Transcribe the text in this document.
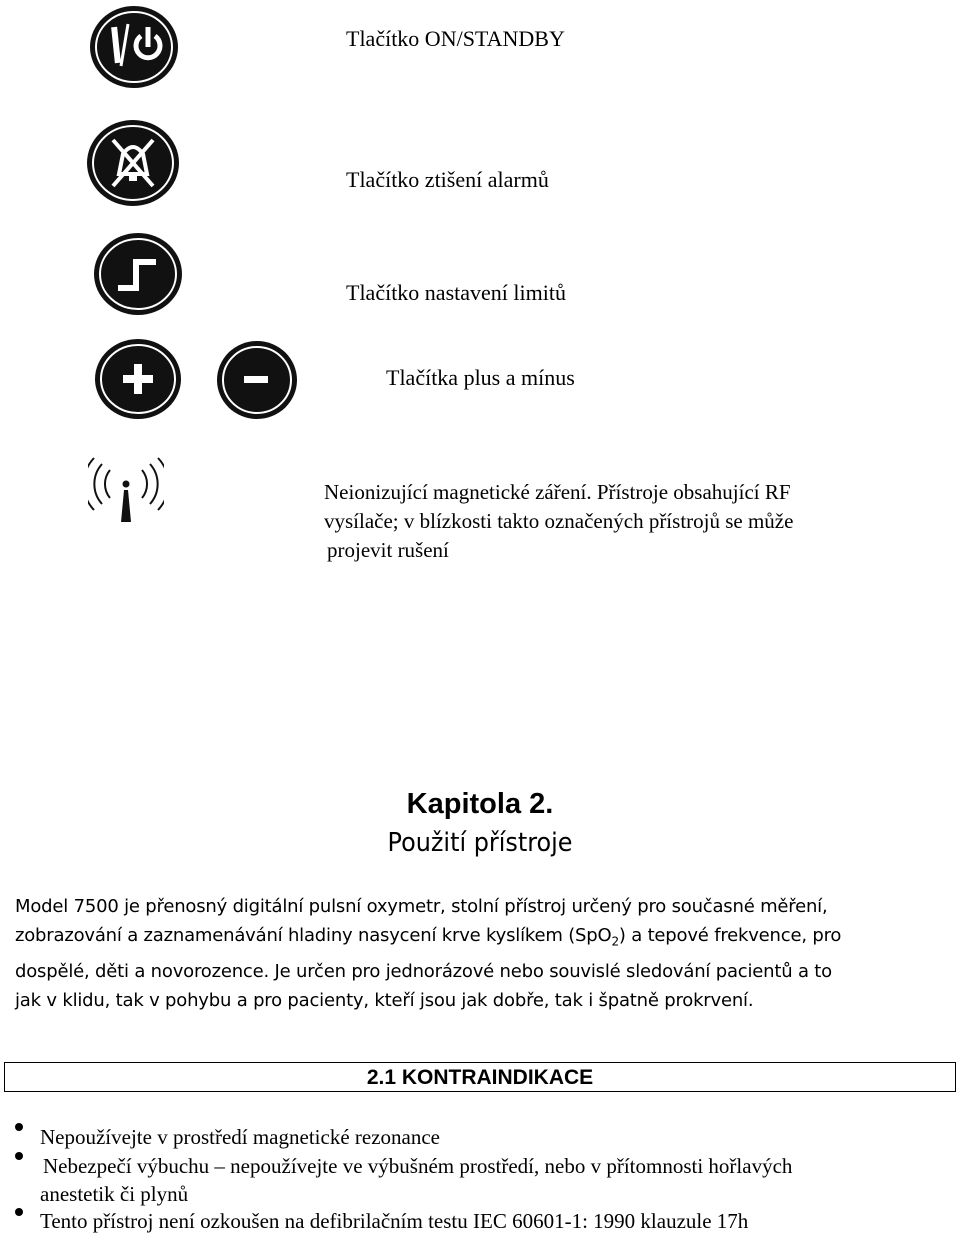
Tlačítko ON/STANDBY
Tlačítko ztišení alarmů
Tlačítko nastavení limitů
Tlačítka plus a mínus
Neionizující magnetické záření. Přístroje obsahující RF
vysílače; v blízkosti takto označených přístrojů se může
projevit rušení
Kapitola 2.
Použití přístroje
Model 7500 je přenosný digitální pulsní oxymetr, stolní přístroj určený pro současné měření,
zobrazování a zaznamenávání hladiny nasycení krve kyslíkem (SpO$_2$) a tepové frekvence, pro
dospělé, děti a novorozence. Je určen pro jednorázové nebo souvislé sledování pacientů a to
jak v klidu, tak v pohybu a pro pacienty, kteří jsou jak dobře, tak i špatně prokrvení.
2.1 KONTRAINDIKACE
Nepoužívejte v prostředí magnetické rezonance
Nebezpečí výbuchu – nepoužívejte ve výbušném prostředí, nebo v přítomnosti hořlavých
anestetik či plynů
Tento přístroj není ozkoušen na defibrilačním testu IEC 60601-1: 1990 klauzule 17h
